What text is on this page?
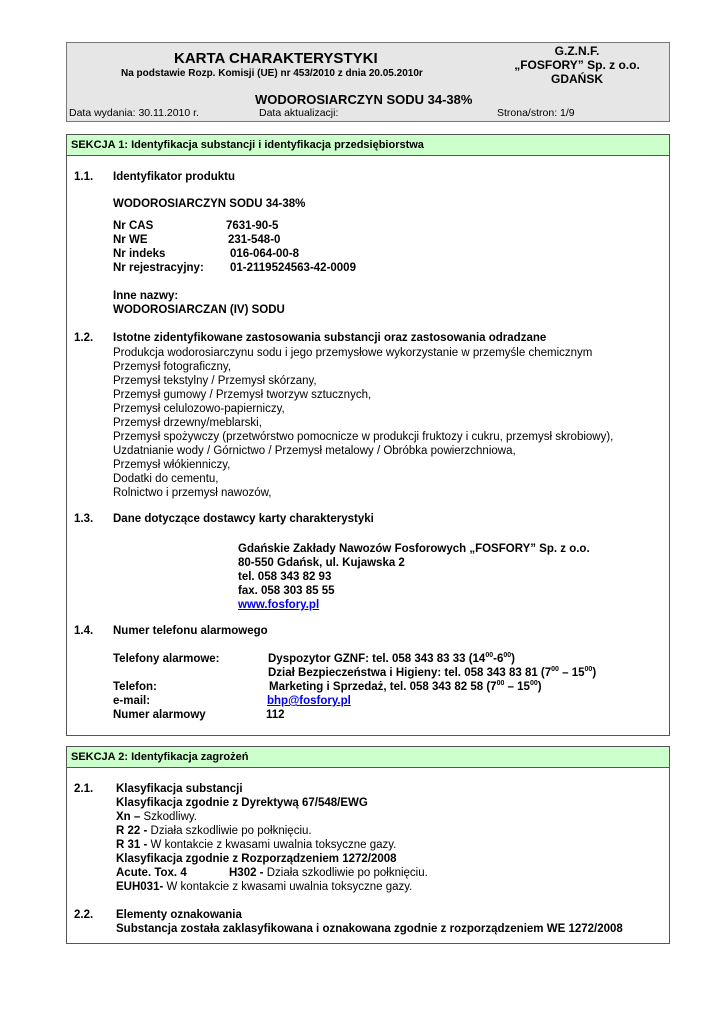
KARTA CHARAKTERYSTYKI
Na podstawie Rozp. Komisji (UE) nr 453/2010 z dnia 20.05.2010r
G.Z.N.F.
„FOSFORY” Sp. z o.o.
GDAŃSK
WODOROSIARCZYN SODU 34-38%
Data wydania: 30.11.2010 r.	Data aktualizacji:	Strona/stron: 1/9
SEKCJA 1: Identyfikacja substancji i identyfikacja przedsiębiorstwa
1.1. Identyfikator produktu
WODOROSIARCZYN SODU 34-38%
Nr CAS	7631-90-5
Nr WE	231-548-0
Nr indeks	016-064-00-8
Nr rejestracyjny: 01-2119524563-42-0009
Inne nazwy:
WODOROSIARCZAN (IV) SODU
1.2. Istotne zidentyfikowane zastosowania substancji oraz zastosowania odradzane
Produkcja wodorosiarczynu sodu i jego przemysłowe wykorzystanie w przemyśle chemicznym
Przemysł fotograficzny,
Przemysł tekstylny / Przemysł skórzany,
Przemysł gumowy / Przemysł tworzyw sztucznych,
Przemysł celulozowo-papierniczy,
Przemysł drzewny/meblarski,
Przemysł spożywczy (przetwórstwo pomocnicze w produkcji fruktozy i cukru, przemysł skrobiowy),
Uzdatnianie wody / Górnictwo / Przemysł metalowy / Obróbka powierzchniowa,
Przemysł włókienniczy,
Dodatki do cementu,
Rolnictwo i przemysł nawozów,
1.3. Dane dotyczące dostawcy karty charakterystyki
Gdańskie Zakłady Nawozów Fosforowych „FOSFORY” Sp. z o.o.
80-550 Gdańsk, ul. Kujawska 2
tel. 058 343 82 93
fax. 058 303 85 55
www.fosfory.pl
1.4. Numer telefonu alarmowego
Telefony alarmowe:	Dyspozytor GZNF: tel. 058 343 83 33 $(14^{00}-6^{00})$
Dział Bezpieczeństwa i Higieny: tel. 058 343 83 81 $(7^{00} - 15^{00})$
Telefon:	Marketing i Sprzedaż, tel. 058 343 82 58 $(7^{00} - 15^{00})$
e-mail:	bhp@fosfory.pl
Numer alarmowy	112
SEKCJA 2: Identyfikacja zagrożeń
2.1. Klasyfikacja substancji
Klasyfikacja zgodnie z Dyrektywą 67/548/EWG
Xn – Szkodliwy.
R 22 - Działa szkodliwie po połknięciu.
R 31 - W kontakcie z kwasami uwalnia toksyczne gazy.
Klasyfikacja zgodnie z Rozporządzeniem 1272/2008
Acute. Tox. 4	H302 - Działa szkodliwie po połknięciu.
EUH031- W kontakcie z kwasami uwalnia toksyczne gazy.
2.2. Elementy oznakowania
Substancja została zaklasyfikowana i oznakowana zgodnie z rozporządzeniem WE 1272/2008
